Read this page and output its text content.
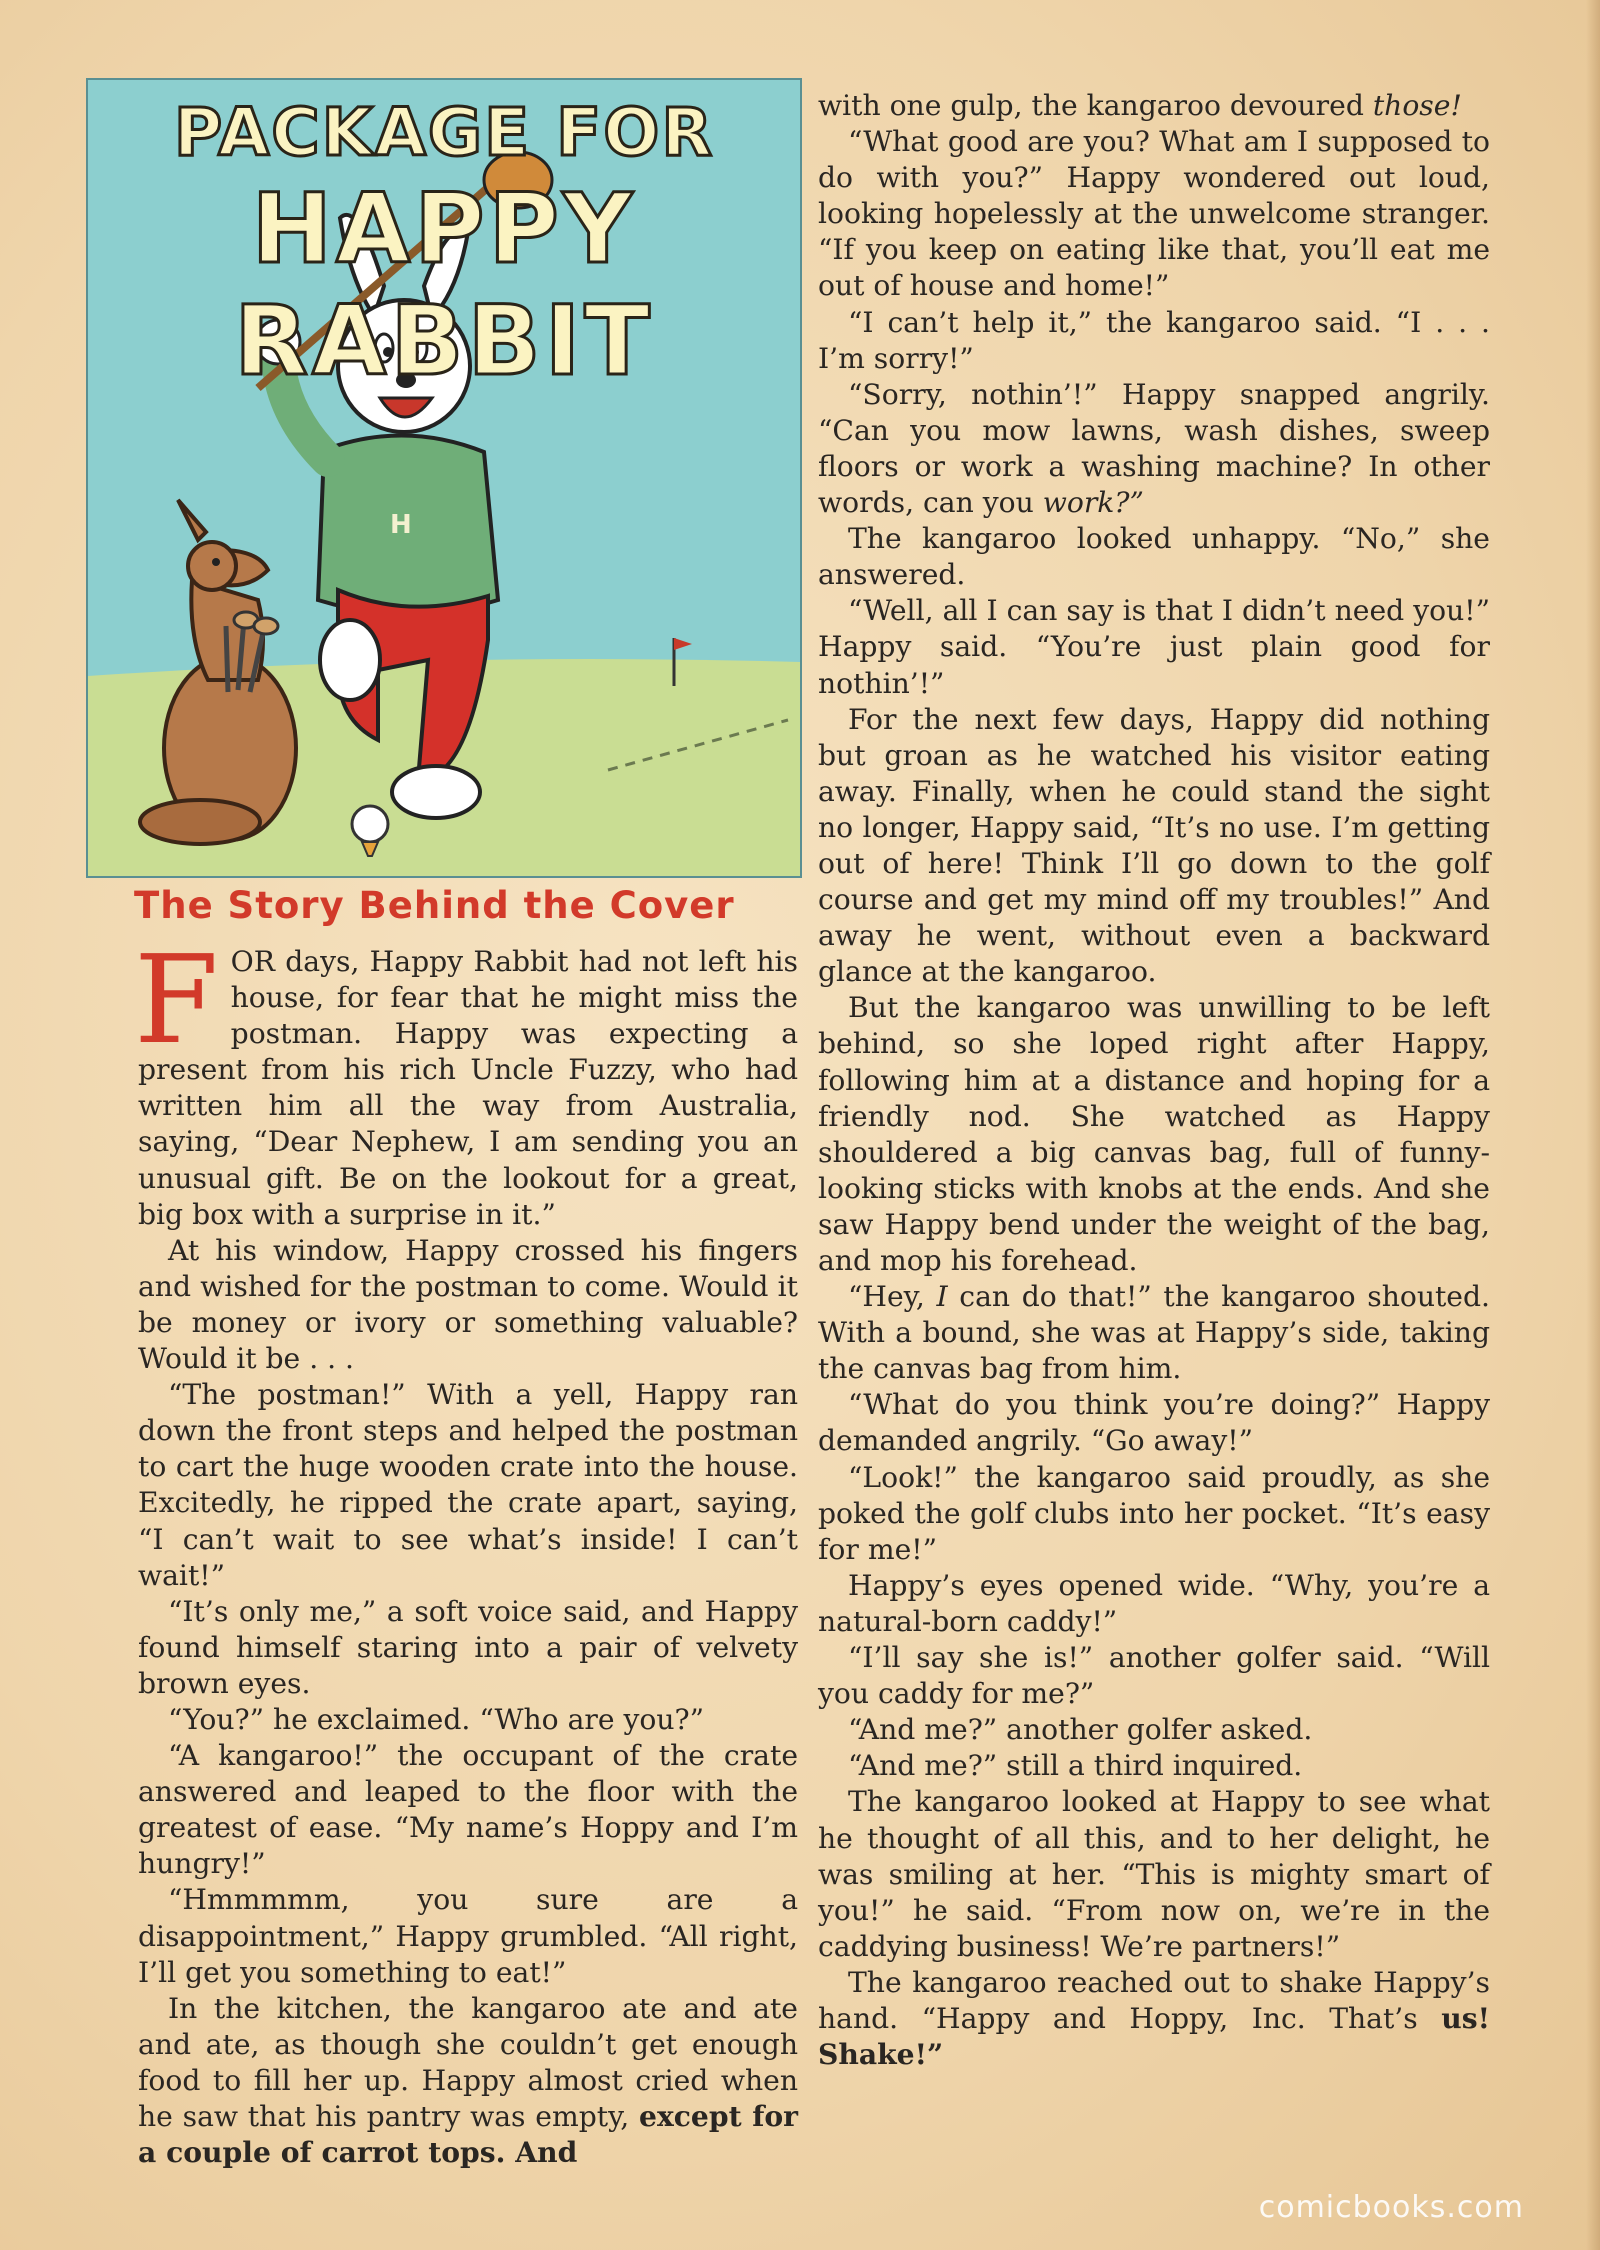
PACKAGE FOR
HAPPY RABBIT
H
The Story Behind the Cover

FOR days, Happy Rabbit had not left his house, for fear that he might miss the postman. Happy was expecting a present from his rich Uncle Fuzzy, who had written him all the way from Australia, saying, “Dear Nephew, I am sending you an unusual gift. Be on the lookout for a great, big box with a surprise in it.”

At his window, Happy crossed his fingers and wished for the postman to come. Would it be money or ivory or something valuable? Would it be . . .

“The postman!” With a yell, Happy ran down the front steps and helped the postman to cart the huge wooden crate into the house. Excitedly, he ripped the crate apart, saying, “I can’t wait to see what’s inside! I can’t wait!”

“It’s only me,” a soft voice said, and Happy found himself staring into a pair of velvety brown eyes.

“You?” he exclaimed. “Who are you?”

“A kangaroo!” the occupant of the crate answered and leaped to the floor with the greatest of ease. “My name’s Hoppy and I’m hungry!”

“Hmmmmm, you sure are a disappointment,” Happy grumbled. “All right, I’ll get you something to eat!”

In the kitchen, the kangaroo ate and ate and ate, as though she couldn’t get enough food to fill her up. Happy almost cried when he saw that his pantry was empty, except for a couple of carrot tops. And

with one gulp, the kangaroo devoured those!

“What good are you? What am I supposed to do with you?” Happy wondered out loud, looking hopelessly at the unwelcome stranger. “If you keep on eating like that, you’ll eat me out of house and home!”

“I can’t help it,” the kangaroo said. “I . . . I’m sorry!”

“Sorry, nothin’!” Happy snapped angrily. “Can you mow lawns, wash dishes, sweep floors or work a washing machine? In other words, can you work?”

The kangaroo looked unhappy. “No,” she answered.

“Well, all I can say is that I didn’t need you!” Happy said. “You’re just plain good for nothin’!”

For the next few days, Happy did nothing but groan as he watched his visitor eating away. Finally, when he could stand the sight no longer, Happy said, “It’s no use. I’m getting out of here! Think I’ll go down to the golf course and get my mind off my troubles!” And away he went, without even a backward glance at the kangaroo.

But the kangaroo was unwilling to be left behind, so she loped right after Happy, following him at a distance and hoping for a friendly nod. She watched as Happy shouldered a big canvas bag, full of funny-looking sticks with knobs at the ends. And she saw Happy bend under the weight of the bag, and mop his forehead.

“Hey, I can do that!” the kangaroo shouted. With a bound, she was at Happy’s side, taking the canvas bag from him.

“What do you think you’re doing?” Happy demanded angrily. “Go away!”

“Look!” the kangaroo said proudly, as she poked the golf clubs into her pocket. “It’s easy for me!”

Happy’s eyes opened wide. “Why, you’re a natural-born caddy!”

“I’ll say she is!” another golfer said. “Will you caddy for me?”

“And me?” another golfer asked.

“And me?” still a third inquired.

The kangaroo looked at Happy to see what he thought of all this, and to her delight, he was smiling at her. “This is mighty smart of you!” he said. “From now on, we’re in the caddying business! We’re partners!”

The kangaroo reached out to shake Happy’s hand. “Happy and Hoppy, Inc. That’s us! Shake!”

comicbooks.com
